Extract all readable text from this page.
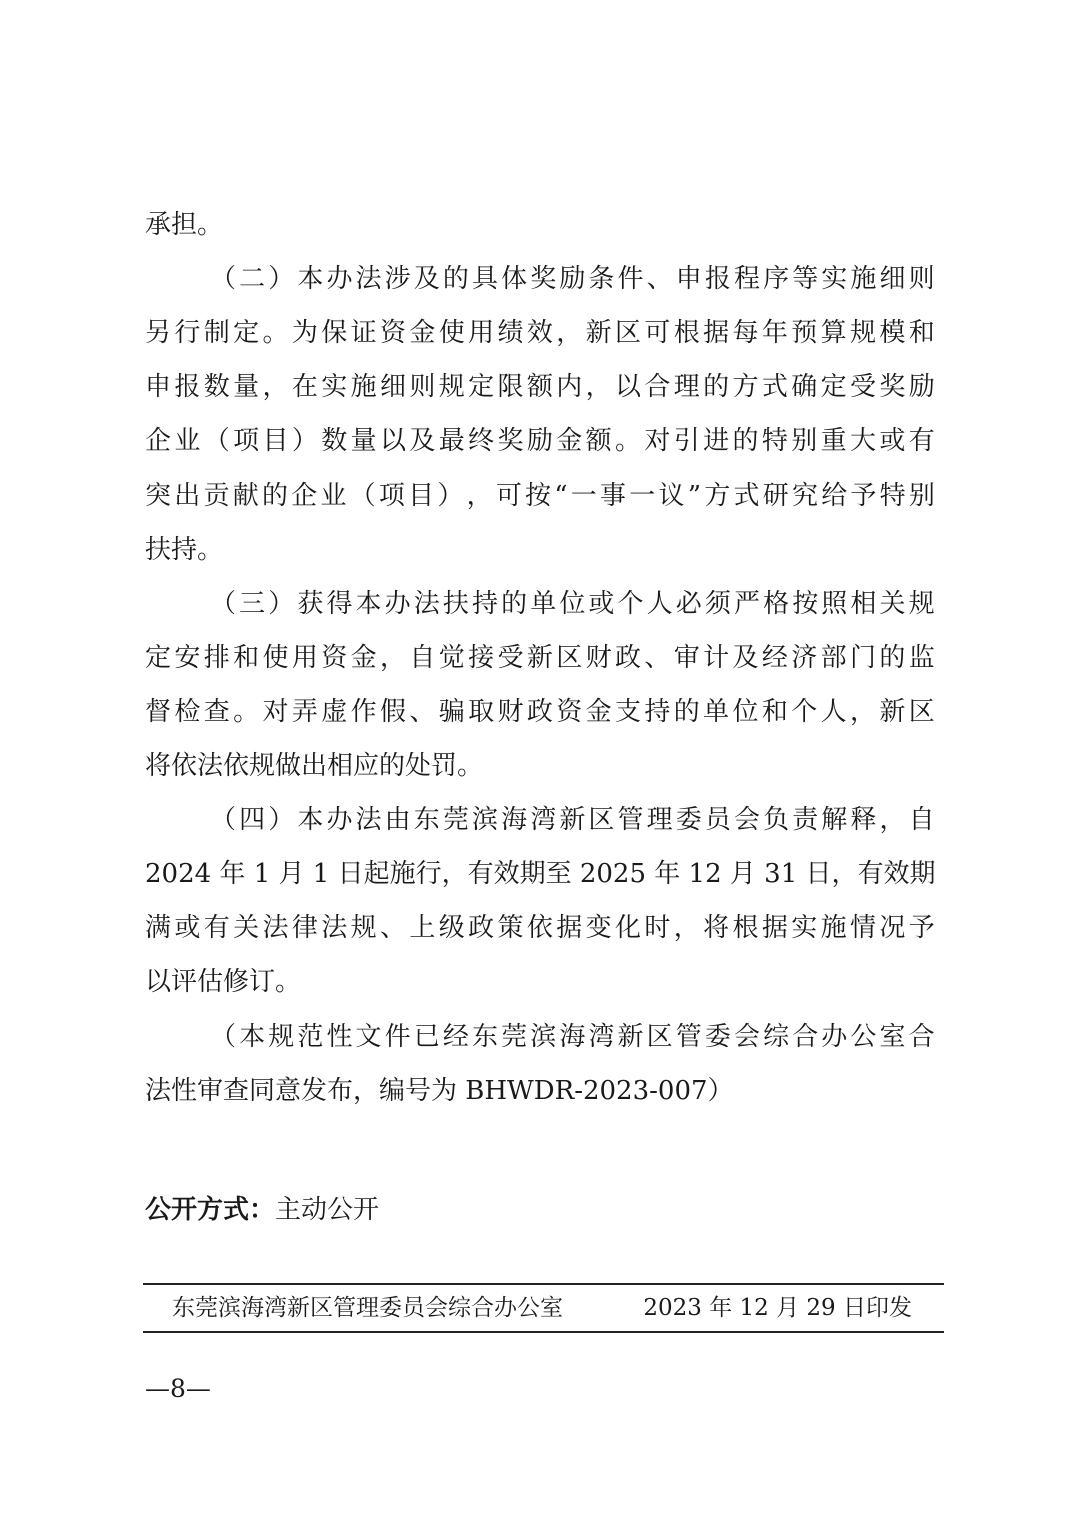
承担。
（ 二 ） 本 办 法 涉 及 的 具 体 奖 励 条 件 、 申 报 程 序 等 实 施 细 则
另 行 制 定 。 为 保 证 资 金 使 用 绩 效 ， 新 区 可 根 据 每 年 预 算 规 模 和
申 报 数 量 ， 在 实 施 细 则 规 定 限 额 内 ， 以 合 理 的 方 式 确 定 受 奖 励
企 业 （ 项 目 ） 数 量 以 及 最 终 奖 励 金 额 。 对 引 进 的 特 别 重 大 或 有
突 出 贡 献 的 企 业 （ 项 目 ） ， 可 按 “ 一 事 一 议 ” 方 式 研 究 给 予 特 别
扶持。
（ 三 ） 获 得 本 办 法 扶 持 的 单 位 或 个 人 必 须 严 格 按 照 相 关 规
定 安 排 和 使 用 资 金 ， 自 觉 接 受 新 区 财 政 、 审 计 及 经 济 部 门 的 监
督 检 查 。 对 弄 虚 作 假 、 骗 取 财 政 资 金 支 持 的 单 位 和 个 人 ， 新 区
将依法依规做出相应的处罚。
（ 四 ） 本 办 法 由 东 莞 滨 海 湾 新 区 管 理 委 员 会 负 责 解 释 ， 自
2024 年 1 月 1 日起施行，有效期至 2025 年 12 月 31 日，有效期
满 或 有 关 法 律 法 规 、 上 级 政 策 依 据 变 化 时 ， 将 根 据 实 施 情 况 予
以评估修订。
（ 本 规 范 性 文 件 已 经 东 莞 滨 海 湾 新 区 管 委 会 综 合 办 公 室 合
法性审查同意发布，编号为 BHWDR-2023-007）
公开方式：主动公开
东莞滨海湾新区管理委员会综合办公室	2023 年 12 月 29 日印发
—8—
